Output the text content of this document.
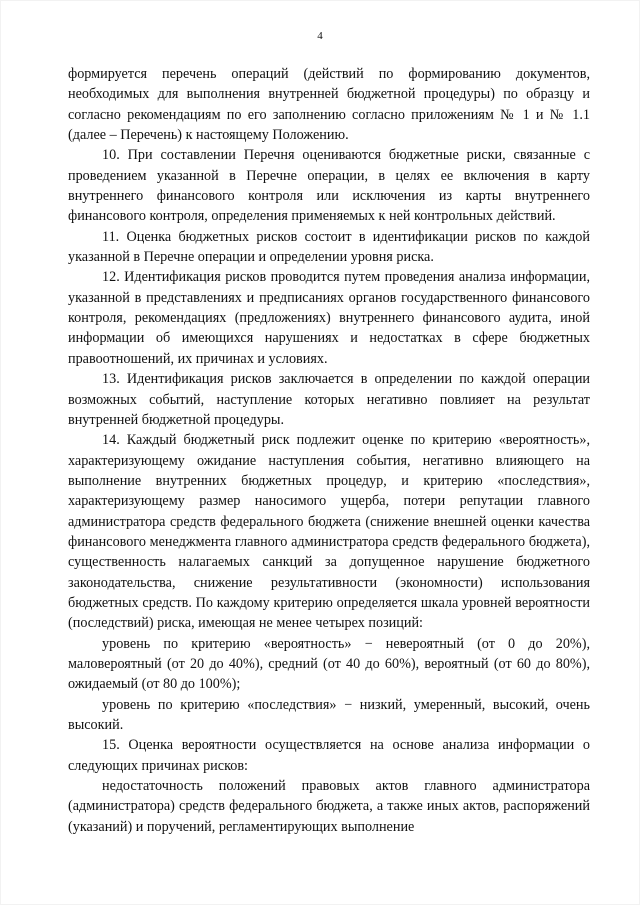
4

формируется перечень операций (действий по формированию документов, необходимых для выполнения внутренней бюджетной процедуры) по образцу и согласно рекомендациям по его заполнению согласно приложениям № 1 и № 1.1 (далее – Перечень) к настоящему Положению.

10. При составлении Перечня оцениваются бюджетные риски, связанные с проведением указанной в Перечне операции, в целях ее включения в карту внутреннего финансового контроля или исключения из карты внутреннего финансового контроля, определения применяемых к ней контрольных действий.

11. Оценка бюджетных рисков состоит в идентификации рисков по каждой указанной в Перечне операции и определении уровня риска.

12. Идентификация рисков проводится путем проведения анализа информации, указанной в представлениях и предписаниях органов государственного финансового контроля, рекомендациях (предложениях) внутреннего финансового аудита, иной информации об имеющихся нарушениях и недостатках в сфере бюджетных правоотношений, их причинах и условиях.

13. Идентификация рисков заключается в определении по каждой операции возможных событий, наступление которых негативно повлияет на результат внутренней бюджетной процедуры.

14. Каждый бюджетный риск подлежит оценке по критерию «вероятность», характеризующему ожидание наступления события, негативно влияющего на выполнение внутренних бюджетных процедур, и критерию «последствия», характеризующему размер наносимого ущерба, потери репутации главного администратора средств федерального бюджета (снижение внешней оценки качества финансового менеджмента главного администратора средств федерального бюджета), существенность налагаемых санкций за допущенное нарушение бюджетного законодательства, снижение результативности (экономности) использования бюджетных средств. По каждому критерию определяется шкала уровней вероятности (последствий) риска, имеющая не менее четырех позиций:

уровень по критерию «вероятность» − невероятный (от 0 до 20%), маловероятный (от 20 до 40%), средний (от 40 до 60%), вероятный (от 60 до 80%), ожидаемый (от 80 до 100%);

уровень по критерию «последствия» − низкий, умеренный, высокий, очень высокий.

15. Оценка вероятности осуществляется на основе анализа информации о следующих причинах рисков:

недостаточность положений правовых актов главного администратора (администратора) средств федерального бюджета, а также иных актов, распоряжений (указаний) и поручений, регламентирующих выполнение
